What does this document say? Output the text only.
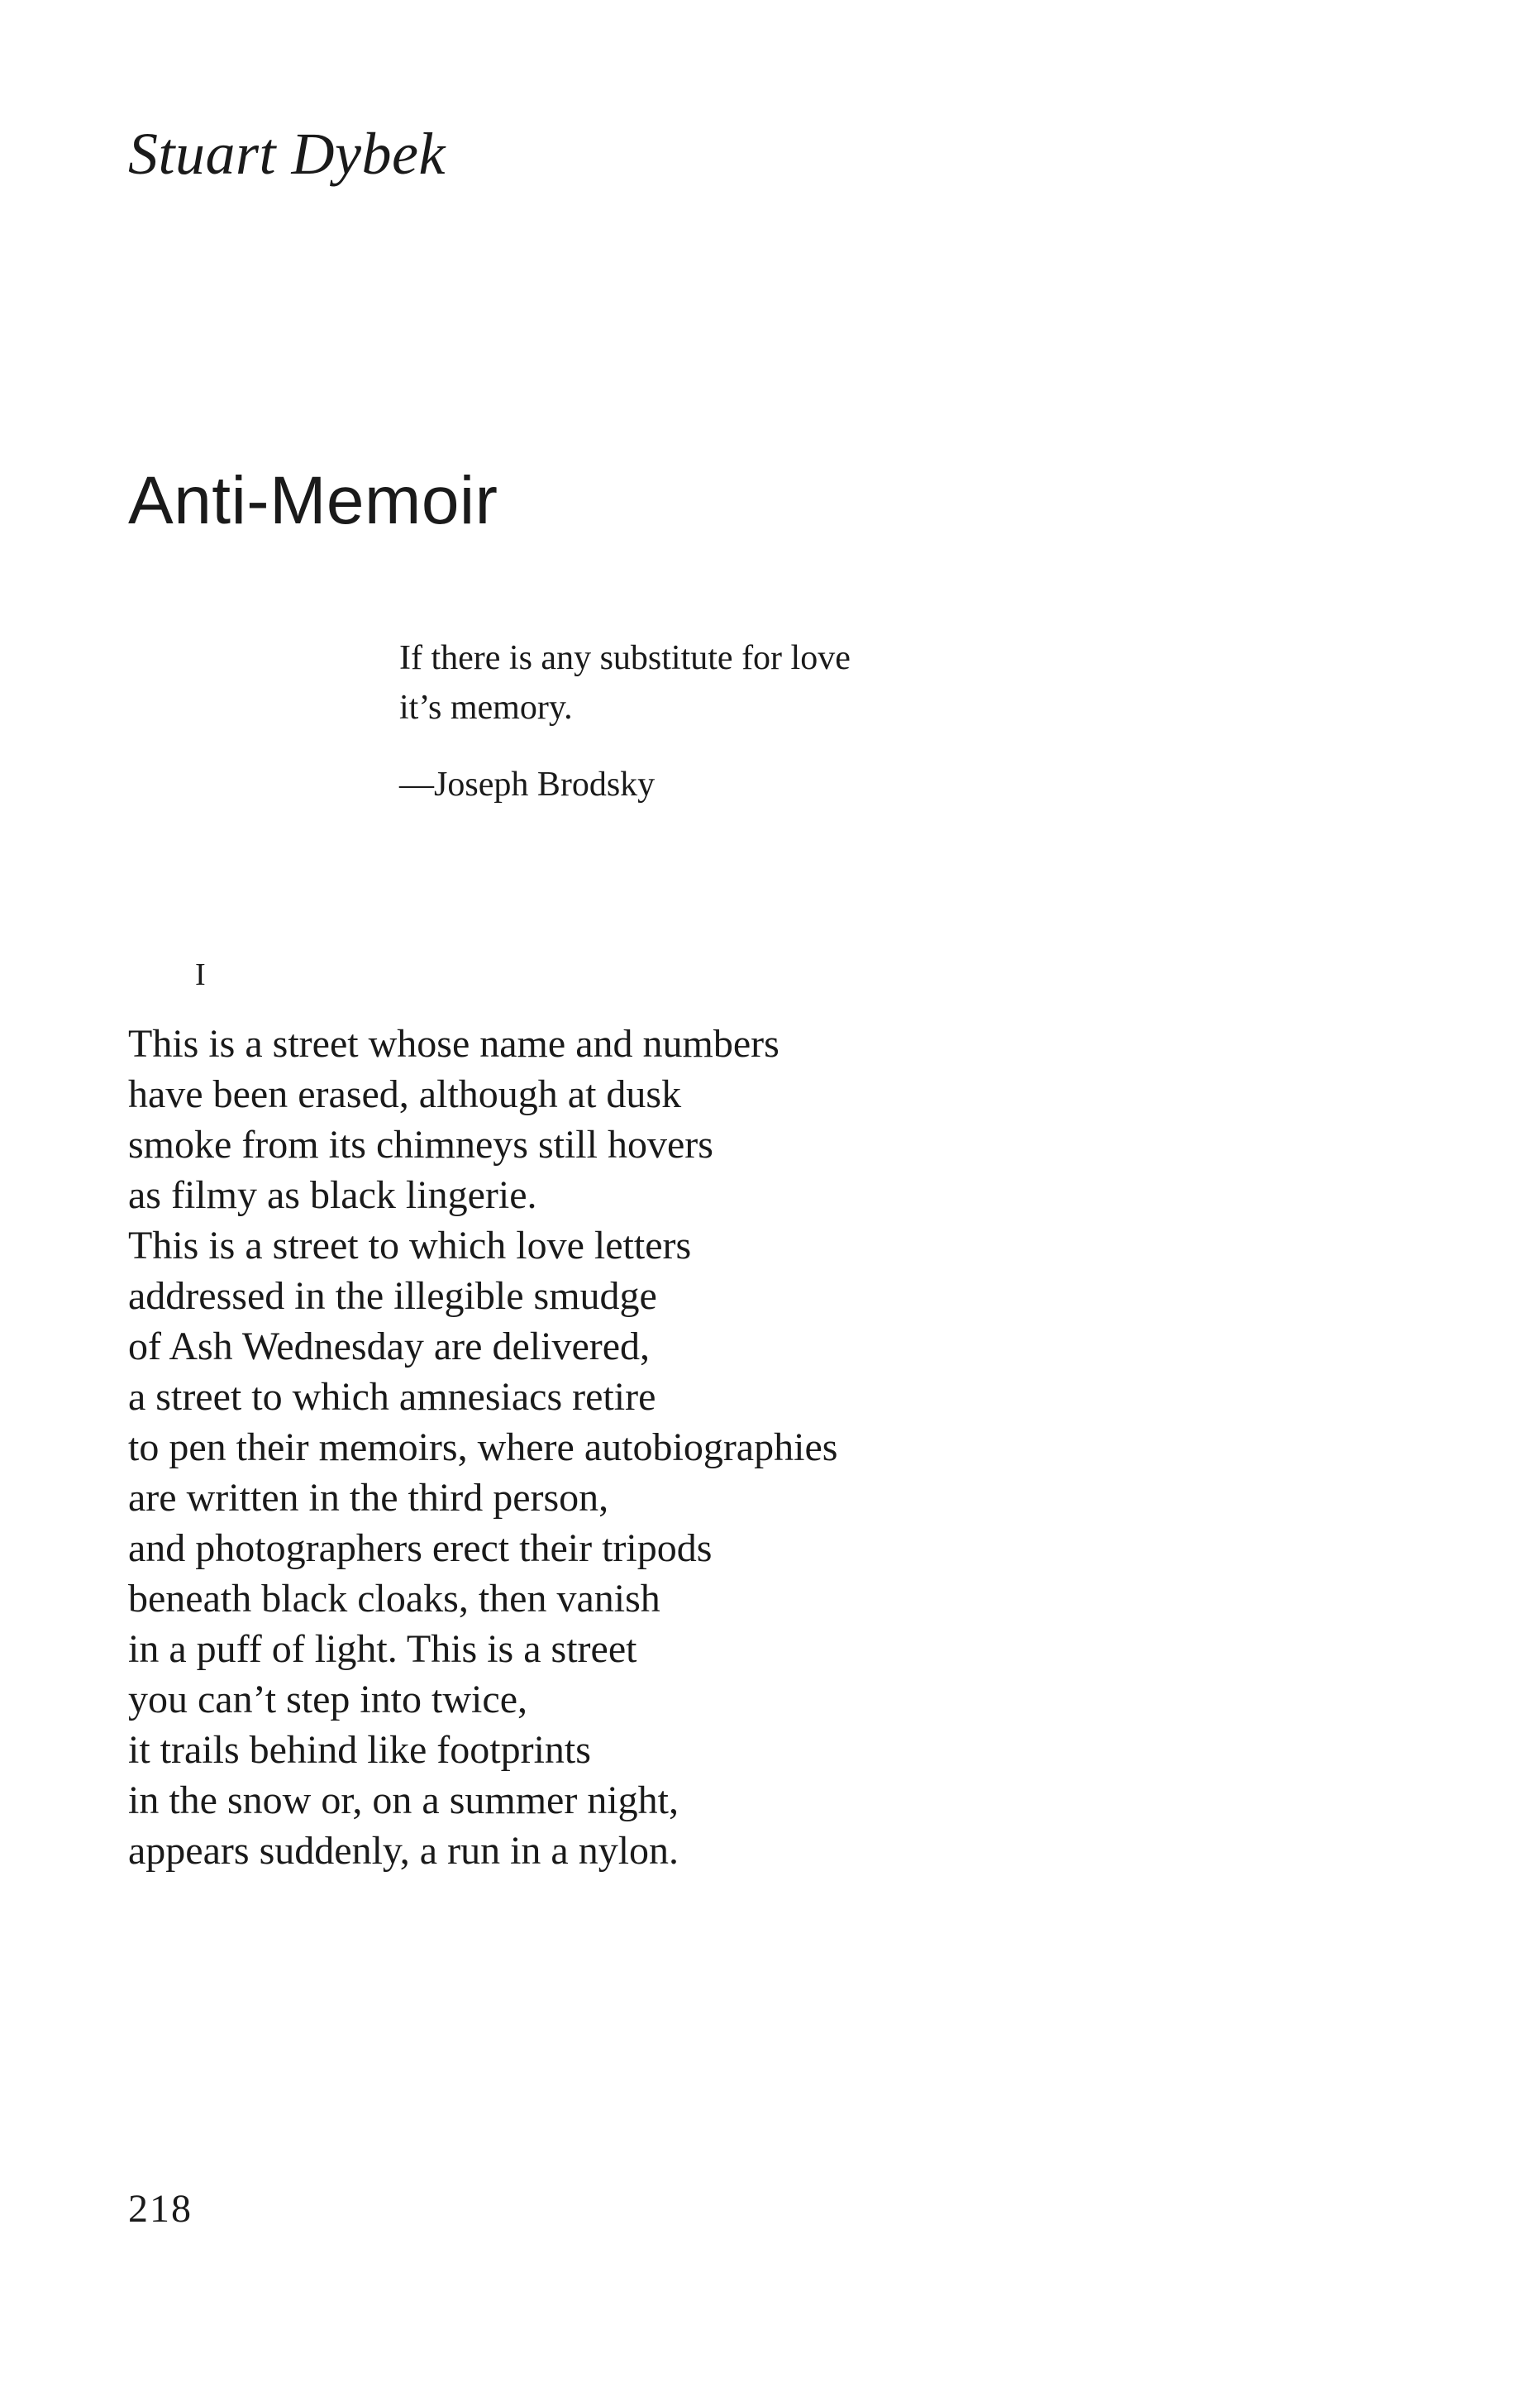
Stuart Dybek
Anti-Memoir
If there is any substitute for love
it’s memory.
—Joseph Brodsky
I
This is a street whose name and numbers
have been erased, although at dusk
smoke from its chimneys still hovers
as filmy as black lingerie.
This is a street to which love letters
addressed in the illegible smudge
of Ash Wednesday are delivered,
a street to which amnesiacs retire
to pen their memoirs, where autobiographies
are written in the third person,
and photographers erect their tripods
beneath black cloaks, then vanish
in a puff of light. This is a street
you can’t step into twice,
it trails behind like footprints
in the snow or, on a summer night,
appears suddenly, a run in a nylon.
218
